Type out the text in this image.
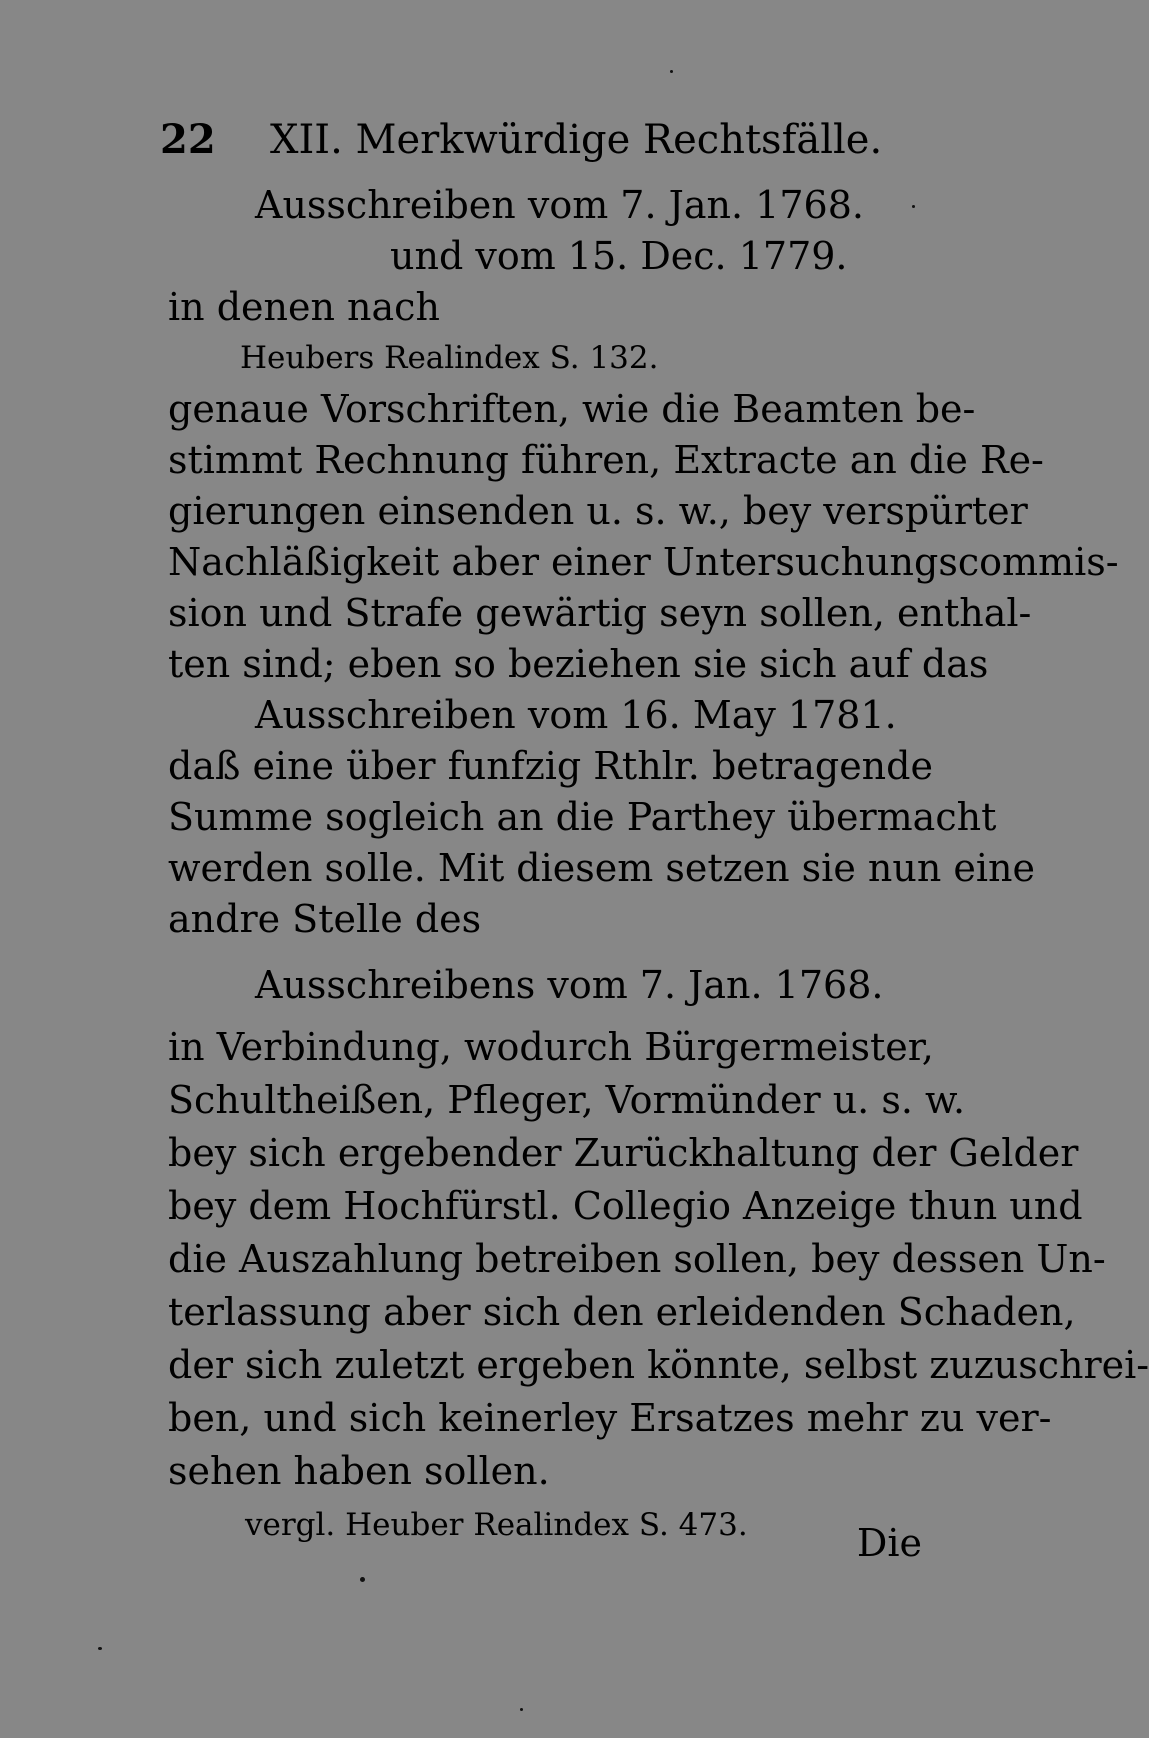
22 XII. Merkwürdige Rechtsfälle.
Ausschreiben vom 7. Jan. 1768.
und vom 15. Dec. 1779.
in denen nach
Heubers Realindex S. 132.
genaue Vorschriften, wie die Beamten be-
stimmt Rechnung führen, Extracte an die Re-
gierungen einsenden u. s. w., bey verspürter
Nachläßigkeit aber einer Untersuchungscommis-
sion und Strafe gewärtig seyn sollen, enthal-
ten sind; eben so beziehen sie sich auf das
Ausschreiben vom 16. May 1781.
daß eine über funfzig Rthlr. betragende
Summe sogleich an die Parthey übermacht
werden solle. Mit diesem setzen sie nun eine
andre Stelle des
Ausschreibens vom 7. Jan. 1768.
in Verbindung, wodurch Bürgermeister,
Schultheißen, Pfleger, Vormünder u. s. w.
bey sich ergebender Zurückhaltung der Gelder
bey dem Hochfürstl. Collegio Anzeige thun und
die Auszahlung betreiben sollen, bey dessen Un-
terlassung aber sich den erleidenden Schaden,
der sich zuletzt ergeben könnte, selbst zuzuschrei-
ben, und sich keinerley Ersatzes mehr zu ver-
sehen haben sollen.
vergl. Heuber Realindex S. 473.	Die
